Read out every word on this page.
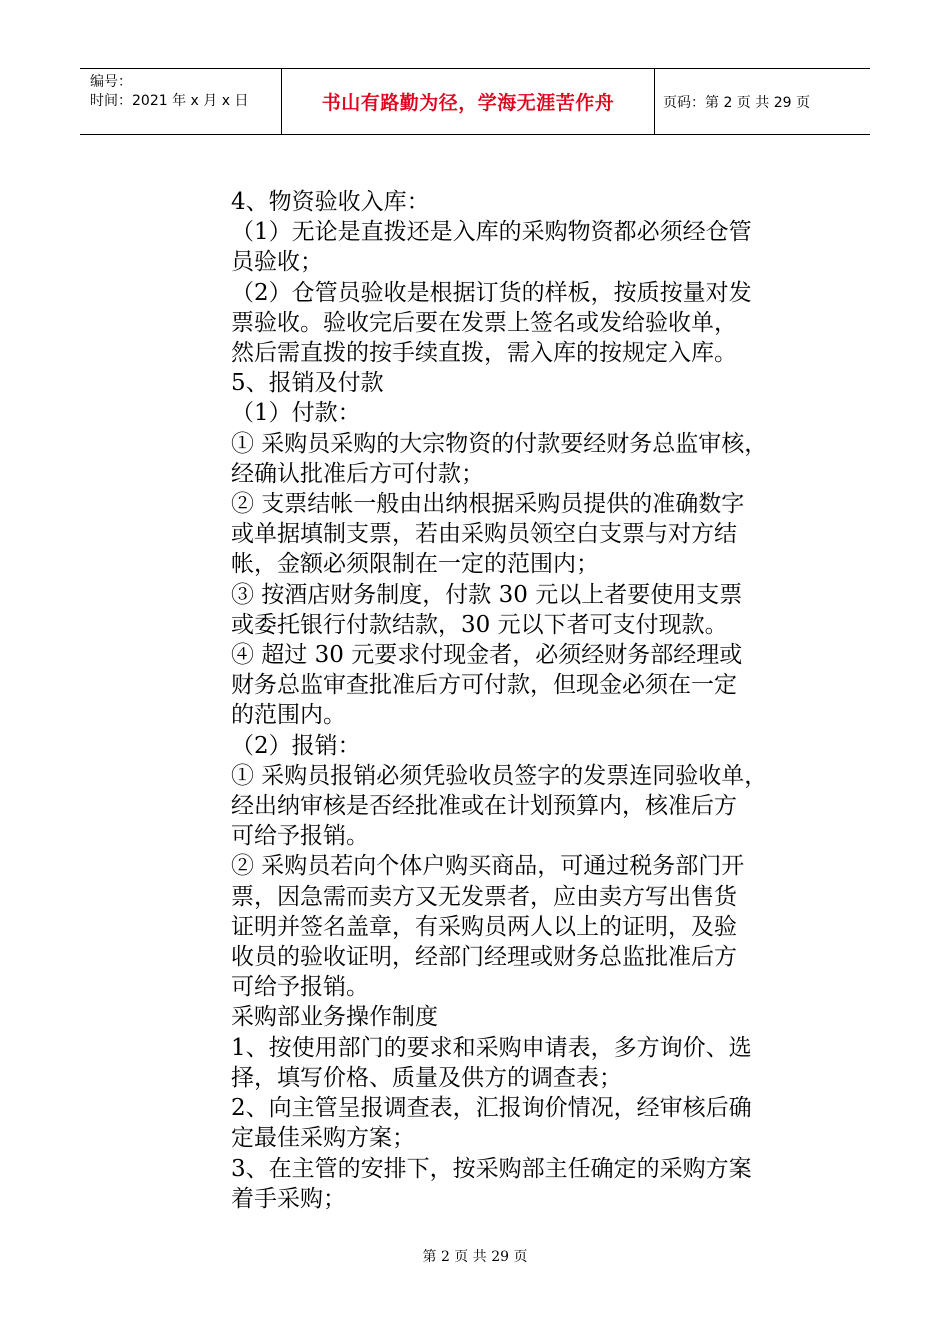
编号：
时间：2021 年 x 月 x 日	书山有路勤为径，学海无涯苦作舟	页码：第 2 页 共 29 页

4、物资验收入库：

（1）无论是直拨还是入库的采购物资都必须经仓管

员验收；

（2）仓管员验收是根据订货的样板，按质按量对发

票验收。验收完后要在发票上签名或发给验收单，

然后需直拨的按手续直拨，需入库的按规定入库。

5、报销及付款

（1）付款：

① 采购员采购的大宗物资的付款要经财务总监审核，

经确认批准后方可付款；

② 支票结帐一般由出纳根据采购员提供的准确数字

或单据填制支票，若由采购员领空白支票与对方结

帐，金额必须限制在一定的范围内；

③ 按酒店财务制度，付款 30 元以上者要使用支票

或委托银行付款结款，30 元以下者可支付现款。

④ 超过 30 元要求付现金者，必须经财务部经理或

财务总监审查批准后方可付款，但现金必须在一定

的范围内。

（2）报销：

① 采购员报销必须凭验收员签字的发票连同验收单，

经出纳审核是否经批准或在计划预算内，核准后方

可给予报销。

② 采购员若向个体户购买商品，可通过税务部门开

票，因急需而卖方又无发票者，应由卖方写出售货

证明并签名盖章，有采购员两人以上的证明，及验

收员的验收证明，经部门经理或财务总监批准后方

可给予报销。

采购部业务操作制度

1、按使用部门的要求和采购申请表，多方询价、选

择，填写价格、质量及供方的调查表；

2、向主管呈报调查表，汇报询价情况，经审核后确

定最佳采购方案；

3、在主管的安排下，按采购部主任确定的采购方案

着手采购；

第 2 页 共 29 页
